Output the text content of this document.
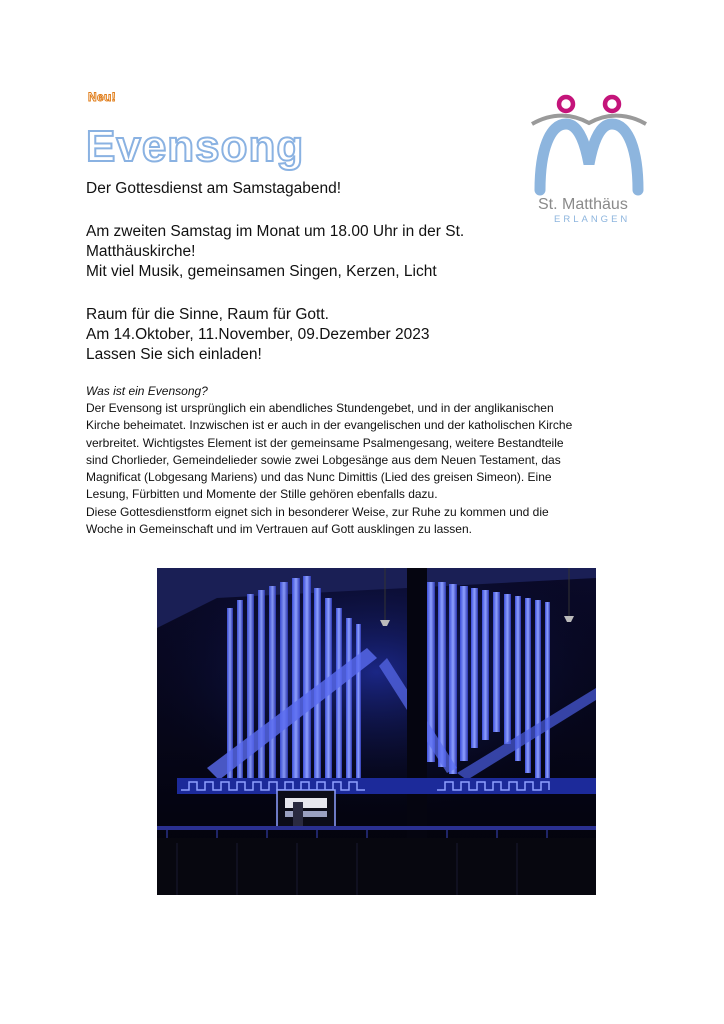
Neu!
Evensong
Der Gottesdienst am Samstagabend!
Am zweiten Samstag im Monat um 18.00 Uhr in der St.
Matthäuskirche!
Mit viel Musik, gemeinsamen Singen, Kerzen, Licht
Raum für die Sinne, Raum für Gott.
Am 14.Oktober, 11.November, 09.Dezember 2023
Lassen Sie sich einladen!
Was ist ein Evensong?
Der Evensong ist ursprünglich ein abendliches Stundengebet, und in der anglikanischen
Kirche beheimatet. Inzwischen ist er auch in der evangelischen und der katholischen Kirche
verbreitet. Wichtigstes Element ist der gemeinsame Psalmengesang, weitere Bestandteile
sind Chorlieder, Gemeindelieder sowie zwei Lobgesänge aus dem Neuen Testament, das
Magnificat (Lobgesang Mariens) und das Nunc Dimittis (Lied des greisen Simeon). Eine
Lesung, Fürbitten und Momente der Stille gehören ebenfalls dazu.
Diese Gottesdienstform eignet sich in besonderer Weise, zur Ruhe zu kommen und die
Woche in Gemeinschaft und im Vertrauen auf Gott ausklingen zu lassen.
St. Matthäus
ERLANGEN
